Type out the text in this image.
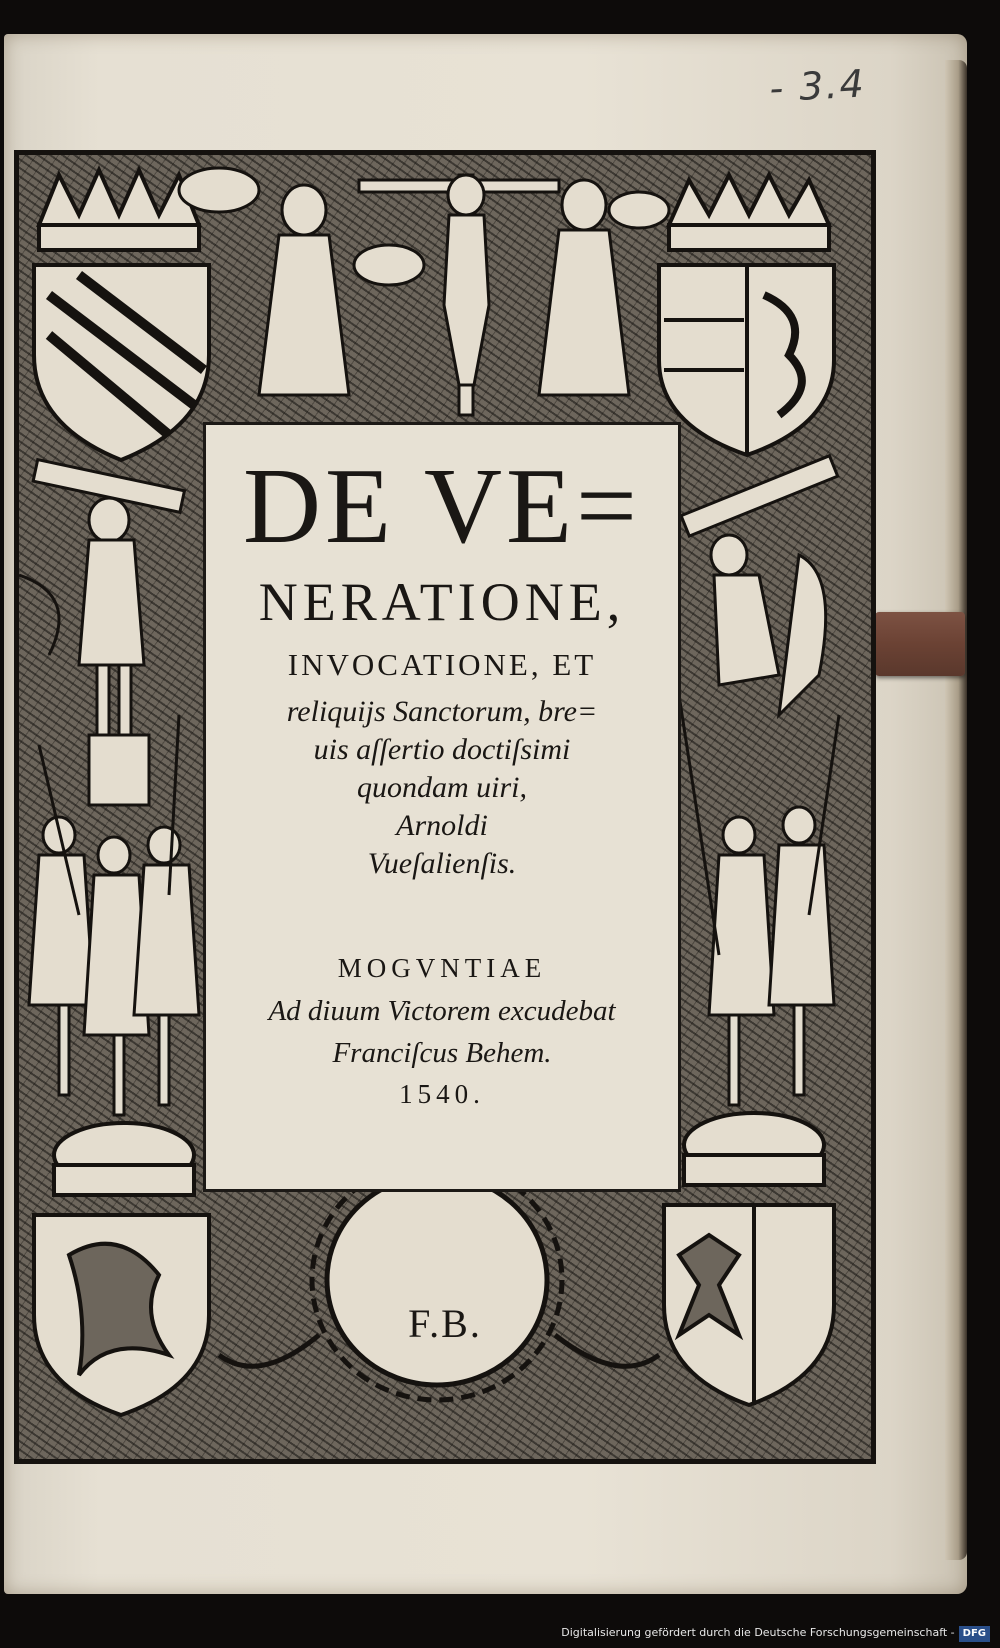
- 3.4
DE VE=
NERATIONE,
INVOCATIONE, ET
reliquijs Sanctorum, bre=
uis aſſertio doctiſsimi
quondam uiri,
Arnoldi
Vueſalienſis.
MOGVNTIAE
Ad diuum Victorem excudebat
Franciſcus Behem.
1540.
F.B.
Digitalisierung gefördert durch die Deutsche Forschungsgemeinschaft - DFG
